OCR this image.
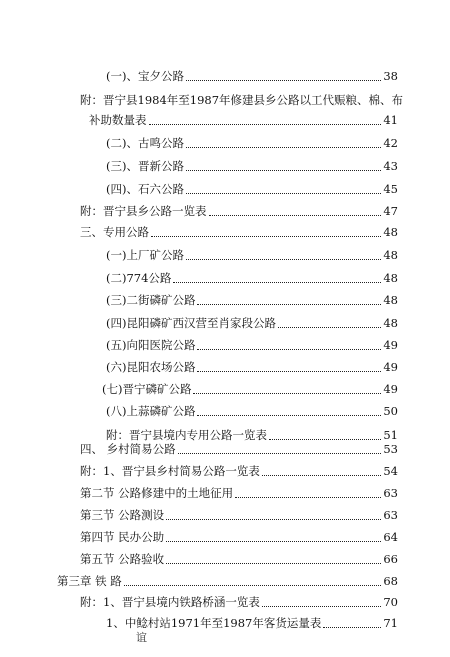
(一)、宝夕公路	38
附：晋宁县1984年至1987年修建县乡公路以工代赈粮、棉、布
补助数量表	41
(二)、古鸣公路	42
(三)、晋新公路	43
(四)、石六公路	45
附：晋宁县乡公路一览表	47
三、专用公路	48
(一)上厂矿公路	48
(二)774公路	48
(三)二街磷矿公路	48
(四)昆阳磷矿西汉营至肖家段公路	48
(五)向阳医院公路	49
(六)昆阳农场公路	49
(七)晋宁磷矿公路	49
(八)上蒜磷矿公路	50
附：晋宁县境内专用公路一览表	51
四、 乡村简易公路	53
附：1、晋宁县乡村简易公路一览表	54
第二节 公路修建中的土地征用	63
第三节 公路测设	63
第四节 民办公助	64
第五节 公路验收	66
第三章 铁 路	68
附：1、晋宁县境内铁路桥涵一览表	70
1、中鲶村站1971年至1987年客货运量表	71
谊
